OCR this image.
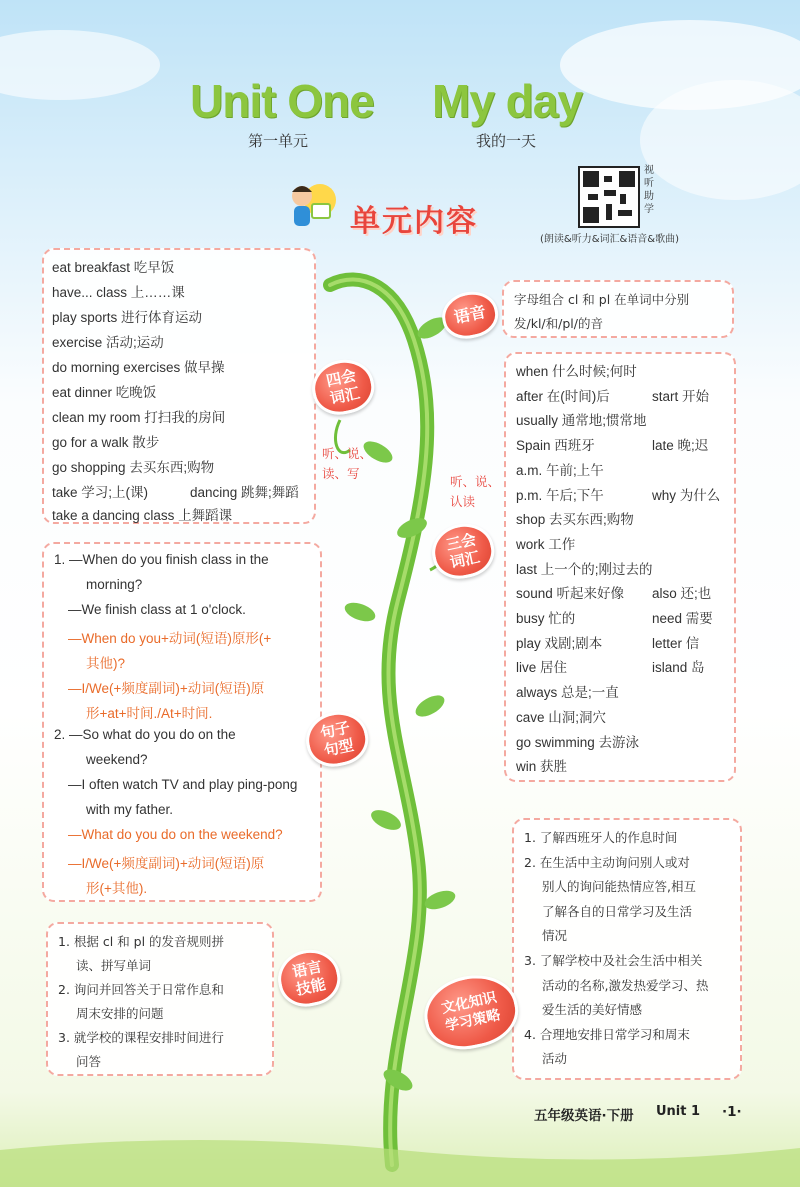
Unit One My day
第一单元	我的一天
单元内容
视
听
助
学
(朗读&听力&词汇&语音&歌曲)
eat breakfast 吃早饭
have... class 上……课
play sports 进行体育运动
exercise 活动;运动
do morning exercises 做早操
eat dinner 吃晚饭
clean my room 打扫我的房间
go for a walk 散步
go shopping 去买东西;购物
take 学习;上(课)	dancing 跳舞;舞蹈
take a dancing class 上舞蹈课
字母组合 cl 和 pl 在单词中分别
发/kl/和/pl/的音
when 什么时候;何时
after 在(时间)后	start 开始
usually 通常地;惯常地
Spain 西班牙	late 晚;迟
a.m. 午前;上午
p.m. 午后;下午	why 为什么
shop 去买东西;购物
work 工作
last 上一个的;刚过去的
sound 听起来好像 also 还;也
busy 忙的	need 需要
play 戏剧;剧本	letter 信
live 居住	island 岛
always 总是;一直
cave 山洞;洞穴
go swimming 去游泳
win 获胜
1. —When do you finish class in the
morning?
—We finish class at 1 o'clock.
—When do you+动词(短语)原形(+
其他)?
—I/We(+频度副词)+动词(短语)原
形+at+时间./At+时间.
2. —So what do you do on the
weekend?
—I often watch TV and play ping-pong
with my father.
—What do you do on the weekend?
—I/We(+频度副词)+动词(短语)原
形(+其他).
1. 了解西班牙人的作息时间
2. 在生活中主动询问别人或对
别人的询问能热情应答,相互
了解各自的日常学习及生活
情况
3. 了解学校中及社会生活中相关
活动的名称,激发热爱学习、热
爱生活的美好情感
4. 合理地安排日常学习和周末
活动
1. 根据 cl 和 pl 的发音规则拼
读、拼写单词
2. 询问并回答关于日常作息和
周末安排的问题
3. 就学校的课程安排时间进行
问答
语音
四会词汇
听、说、
读、写
听、说、
认读
三会词汇
句子句型
语言技能
文化知识学习策略
五年级英语·下册 Unit 1 ·1·
